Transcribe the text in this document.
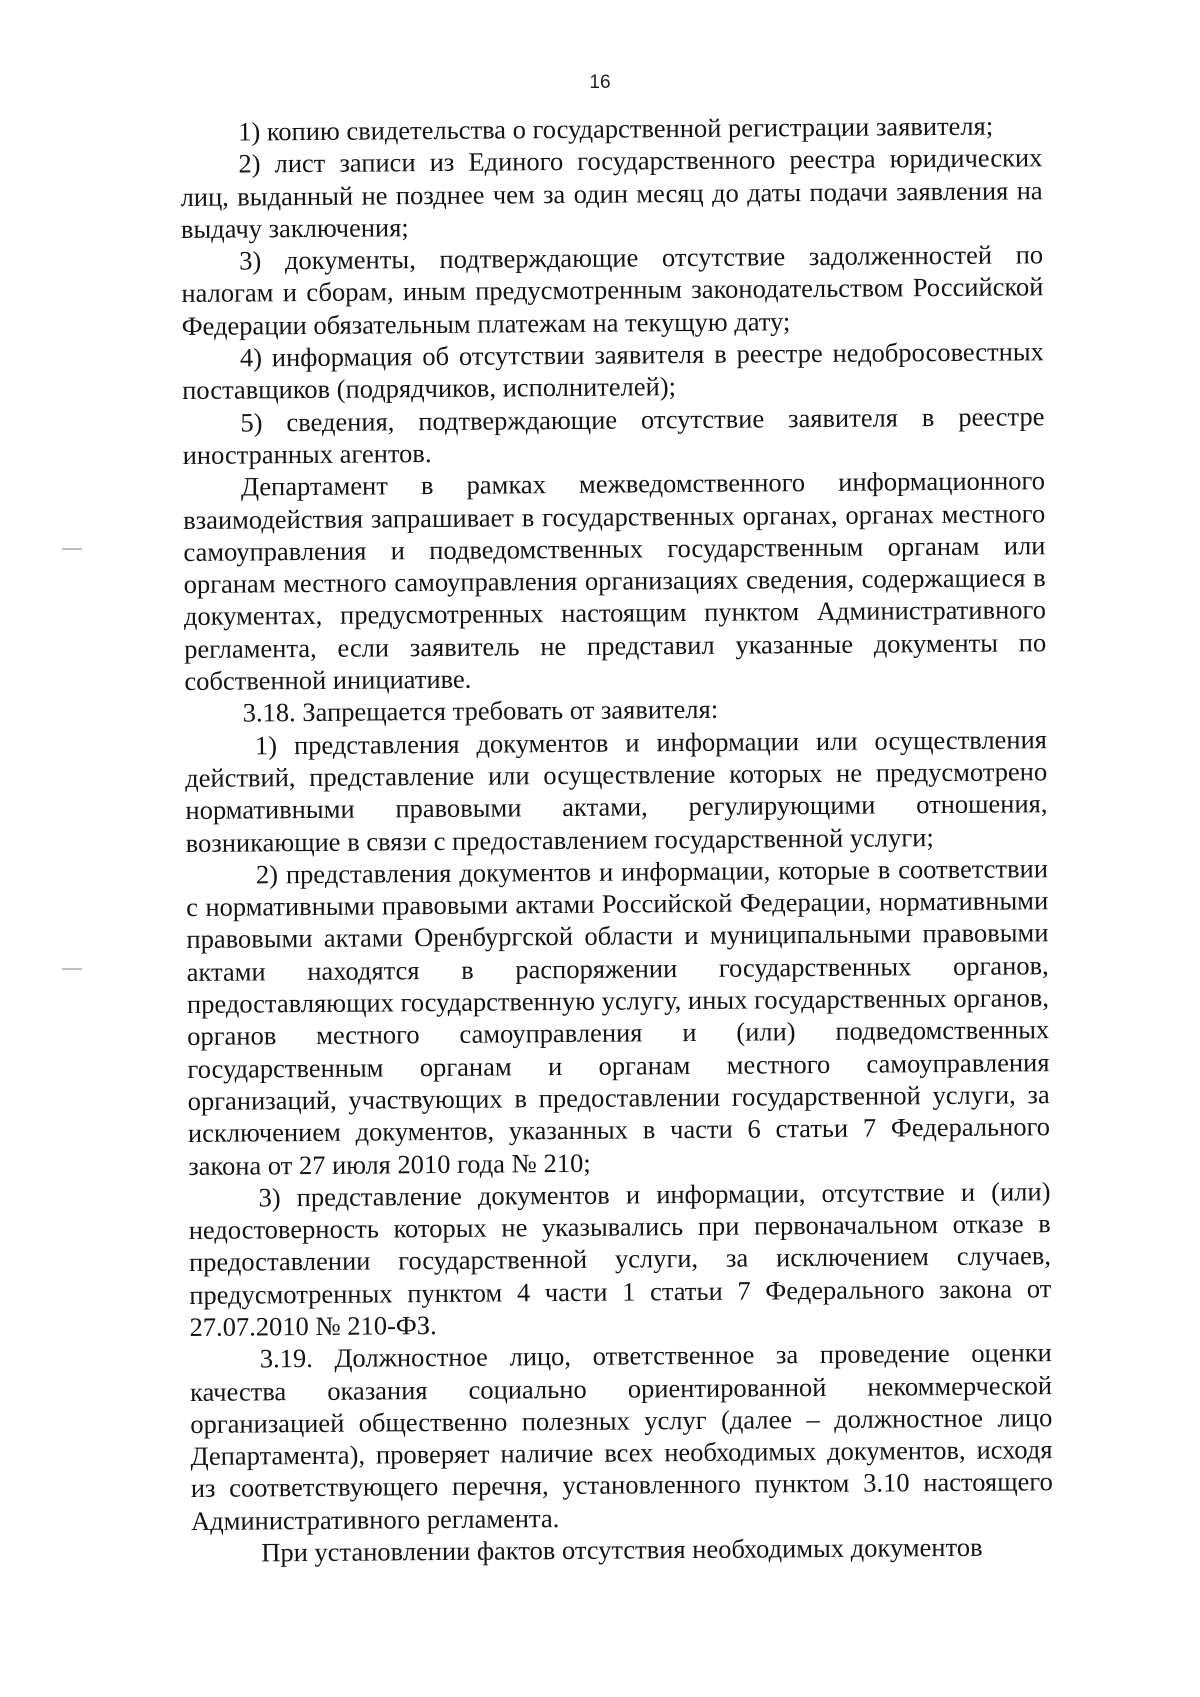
16

1) копию свидетельства о государственной регистрации заявителя;

2) лист записи из Единого государственного реестра юридических лиц, выданный не позднее чем за один месяц до даты подачи заявления на выдачу заключения;

3) документы, подтверждающие отсутствие задолженностей по налогам и сборам, иным предусмотренным законодательством Российской Федерации обязательным платежам на текущую дату;

4) информация об отсутствии заявителя в реестре недобросовестных поставщиков (подрядчиков, исполнителей);

5) сведения, подтверждающие отсутствие заявителя в реестре иностранных агентов.

Департамент в рамках межведомственного информационного взаимодействия запрашивает в государственных органах, органах местного самоуправления и подведомственных государственным органам или органам местного самоуправления организациях сведения, содержащиеся в документах, предусмотренных настоящим пунктом Административного регламента, если заявитель не представил указанные документы по собственной инициативе.

3.18. Запрещается требовать от заявителя:

1) представления документов и информации или осуществления действий, представление или осуществление которых не предусмотрено нормативными правовыми актами, регулирующими отношения, возникающие в связи с предоставлением государственной услуги;

2) представления документов и информации, которые в соответствии с нормативными правовыми актами Российской Федерации, нормативными правовыми актами Оренбургской области и муниципальными правовыми актами находятся в распоряжении государственных органов, предоставляющих государственную услугу, иных государственных органов, органов местного самоуправления и (или) подведомственных государственным органам и органам местного самоуправления организаций, участвующих в предоставлении государственной услуги, за исключением документов, указанных в части 6 статьи 7 Федерального закона от 27 июля 2010 года № 210;

3) представление документов и информации, отсутствие и (или) недостоверность которых не указывались при первоначальном отказе в предоставлении государственной услуги, за исключением случаев, предусмотренных пунктом 4 части 1 статьи 7 Федерального закона от 27.07.2010 № 210-ФЗ.

3.19. Должностное лицо, ответственное за проведение оценки качества оказания социально ориентированной некоммерческой организацией общественно полезных услуг (далее – должностное лицо Департамента), проверяет наличие всех необходимых документов, исходя из соответствующего перечня, установленного пунктом 3.10 настоящего Административного регламента.

При установлении фактов отсутствия необходимых документов
